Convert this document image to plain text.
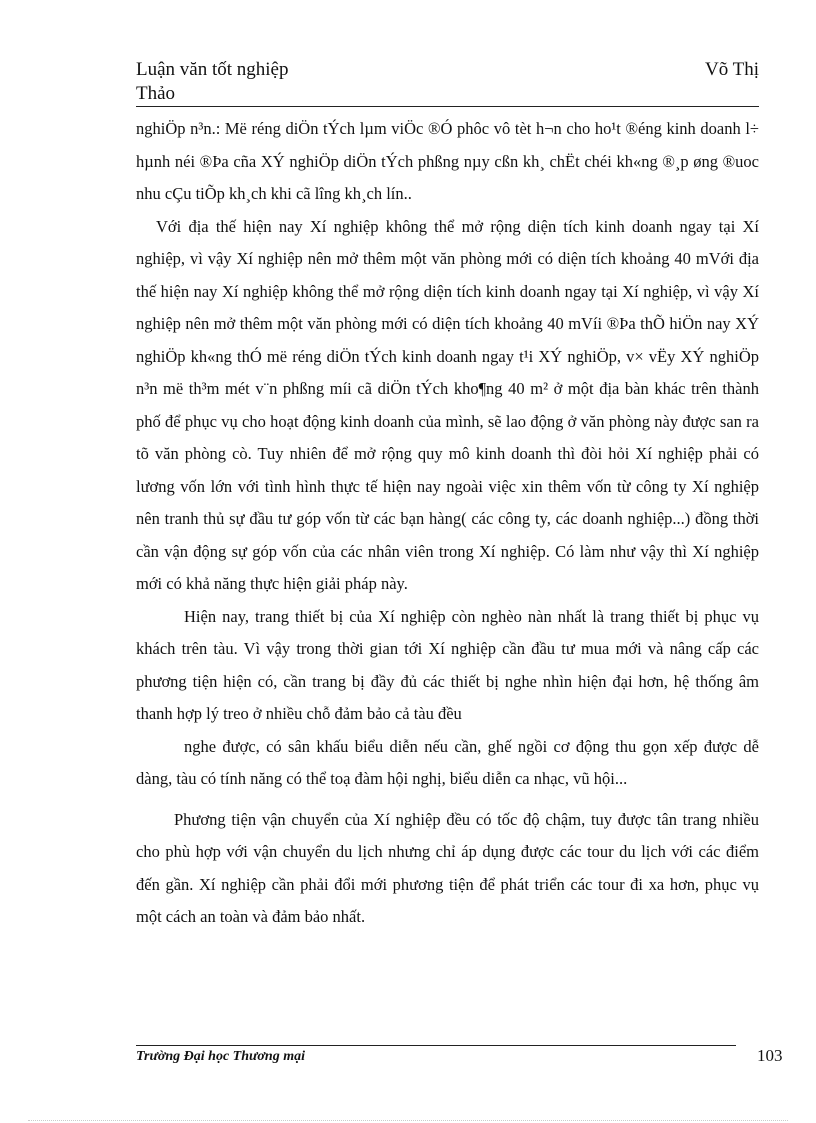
Luận văn tốt nghiệp
Thảo
Võ Thị

nghiÖp n³n.: Më réng diÖn tÝch lµm viÖc ®Ó phôc vô tèt h¬n cho ho¹t ®éng kinh doanh l÷ hµnh néi ®Þa cña XÝ nghiÖp diÖn tÝch phßng nµy cßn kh¸ chËt chéi kh«ng ®¸p øng ®uoc nhu cÇu tiÕp kh¸ch khi cã lîng kh¸ch lín..

Với địa thế hiện nay Xí nghiệp không thể mở rộng diện tích kinh doanh ngay tại Xí nghiệp, vì vậy Xí nghiệp nên mở thêm một văn phòng mới có diện tích khoảng 40 mVới địa thế hiện nay Xí nghiệp không thể mở rộng diện tích kinh doanh ngay tại Xí nghiệp, vì vậy Xí nghiệp nên mở thêm một văn phòng mới có diện tích khoảng 40 mVíi ®Þa thÕ hiÖn nay XÝ nghiÖp kh«ng thÓ më réng diÖn tÝch kinh doanh ngay t¹i XÝ nghiÖp, v× vËy XÝ nghiÖp n³n më th³m mét v¨n phßng míi cã diÖn tÝch kho¶ng 40 m² ở một địa bàn khác trên thành phố để phục vụ cho hoạt động kinh doanh của mình, sẽ lao động ở văn phòng này được san ra tõ văn phòng cò. Tuy nhiên để mở rộng quy mô kinh doanh thì đòi hỏi Xí nghiệp phải có lương vốn lớn với tình hình thực tế hiện nay ngoài việc xin thêm vốn từ công ty Xí nghiệp nên tranh thủ sự đầu tư góp vốn từ các bạn hàng( các công ty, các doanh nghiệp...) đồng thời cần vận động sự góp vốn của các nhân viên trong Xí nghiệp. Có làm như vậy thì Xí nghiệp mới có khả năng thực hiện giải pháp này.

Hiện nay, trang thiết bị của Xí nghiệp còn nghèo nàn nhất là trang thiết bị phục vụ khách trên tàu. Vì vậy trong thời gian tới Xí nghiệp cần đầu tư mua mới và nâng cấp các phương tiện hiện có, cần trang bị đầy đủ các thiết bị nghe nhìn hiện đại hơn, hệ thống âm thanh hợp lý treo ở nhiều chỗ đảm bảo cả tàu đều

nghe được, có sân khấu biểu diễn nếu cần, ghế ngồi cơ động thu gọn xếp được dễ dàng, tàu có tính năng có thể toạ đàm hội nghị, biểu diễn ca nhạc, vũ hội...

Phương tiện vận chuyển của Xí nghiệp đều có tốc độ chậm, tuy được tân trang nhiều cho phù hợp với vận chuyển du lịch nhưng chỉ áp dụng được các tour du lịch với các điểm đến gần. Xí nghiệp cần phải đổi mới phương tiện để phát triển các tour đi xa hơn, phục vụ một cách an toàn và đảm bảo nhất.

Trường Đại học Thương mại	103
